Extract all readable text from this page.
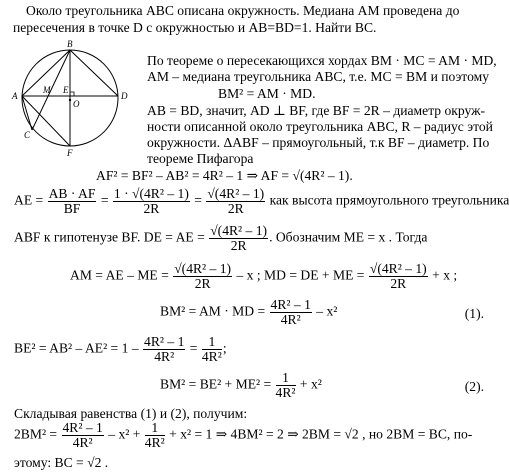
Около треугольника ABC описана окружность. Медиана AM проведена до
пересечения в точке D с окружностью и AB=BD=1. Найти BC.
B
A
M E
O
D
C
F
По теореме о пересекающихся хордах BM · MC = AM · MD,
AM – медиана треугольника ABC, т.е. MC = BM и поэтому
BM² = AM · MD.
AB = BD, значит, AD ⊥ BF, где BF = 2R – диаметр окруж-
ности описанной около треугольника ABC, R – радиус этой
окружности. ΔABF – прямоугольный, т.к BF – диаметр. По
теореме Пифагора
AF² = BF² – AB² = 4R² – 1 ⇒ AF = √(4R² – 1).
AE = $\frac{AB \cdot AF}{BF} = \frac{\text{1 · √(4R² – 1)}}{2R} = \frac{\text{√(4R² – 1)}}{2R}$ как высота прямоугольного треугольника
ABF к гипотенузе BF. DE = AE = $\frac{\text{√(4R² – 1)}}{2R}$ . Обозначим ME = x . Тогда
AM = AE – ME = $\frac{\text{√(4R² – 1)}}{2R}$ – x ; MD = DE + ME = $\frac{\text{√(4R² – 1)}}{2R} + x$ ;
BM² = AM · MD = $\frac{\text{4R² – 1}}{\text{4R²}} - x^2$	(1).
$BE^2 = AB^2 - AE^2 = 1 - \frac{\text{4R² – 1}}{\text{4R²}} = \frac{1}{\text{4R²}}$ ;
$BM^2 = BE^2 + ME^2 = \frac{1}{\text{4R²}} + x^2$	(2).
Складывая равенства (1) и (2), получим:
$2BM^2 = \frac{\text{4R² – 1}}{\text{4R²}} - x^2 + \frac{1}{\text{4R²}} + x^2 = 1$ ⇒ 4BM² = 2 ⇒ 2BM = √2 , но 2BM = BC, по-
этому: BC = √2 .
